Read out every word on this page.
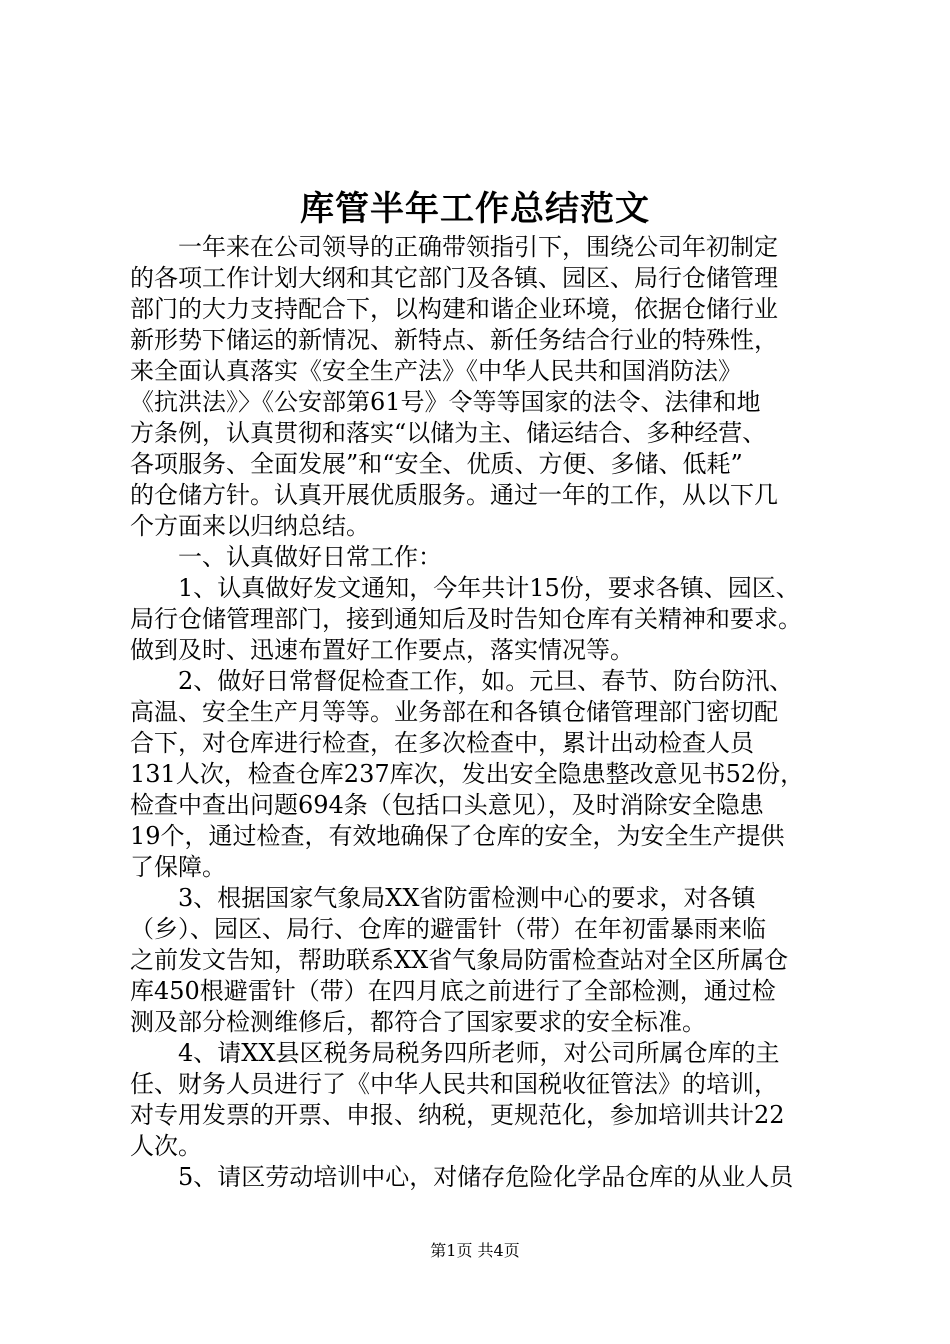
库管半年工作总结范文
　　一年来在公司领导的正确带领指引下，围绕公司年初制定
的各项工作计划大纲和其它部门及各镇、园区、局行仓储管理
部门的大力支持配合下，以构建和谐企业环境，依据仓储行业
新形势下储运的新情况、新特点、新任务结合行业的特殊性，
来全面认真落实《安全生产法》《中华人民共和国消防法》
《抗洪法》〉《公安部第61号》令等等国家的法令、法律和地
方条例，认真贯彻和落实“以储为主、储运结合、多种经营、
各项服务、全面发展”和“安全、优质、方便、多储、低耗”
的仓储方针。认真开展优质服务。通过一年的工作，从以下几
个方面来以归纳总结。
　　一、认真做好日常工作：
　　1、认真做好发文通知，今年共计15份，要求各镇、园区、
局行仓储管理部门，接到通知后及时告知仓库有关精神和要求。
做到及时、迅速布置好工作要点，落实情况等。
　　2、做好日常督促检查工作，如。元旦、春节、防台防汛、
高温、安全生产月等等。业务部在和各镇仓储管理部门密切配
合下，对仓库进行检查，在多次检查中，累计出动检查人员
131人次，检查仓库237库次，发出安全隐患整改意见书52份，
检查中查出问题694条（包括口头意见），及时消除安全隐患
19个，通过检查，有效地确保了仓库的安全，为安全生产提供
了保障。
　　3、根据国家气象局XX省防雷检测中心的要求，对各镇
（乡）、园区、局行、仓库的避雷针（带）在年初雷暴雨来临
之前发文告知，帮助联系XX省气象局防雷检查站对全区所属仓
库450根避雷针（带）在四月底之前进行了全部检测，通过检
测及部分检测维修后，都符合了国家要求的安全标准。
　　4、请XX县区税务局税务四所老师，对公司所属仓库的主
任、财务人员进行了《中华人民共和国税收征管法》的培训，
对专用发票的开票、申报、纳税，更规范化，参加培训共计22
人次。
　　5、请区劳动培训中心，对储存危险化学品仓库的从业人员
第1页 共4页
